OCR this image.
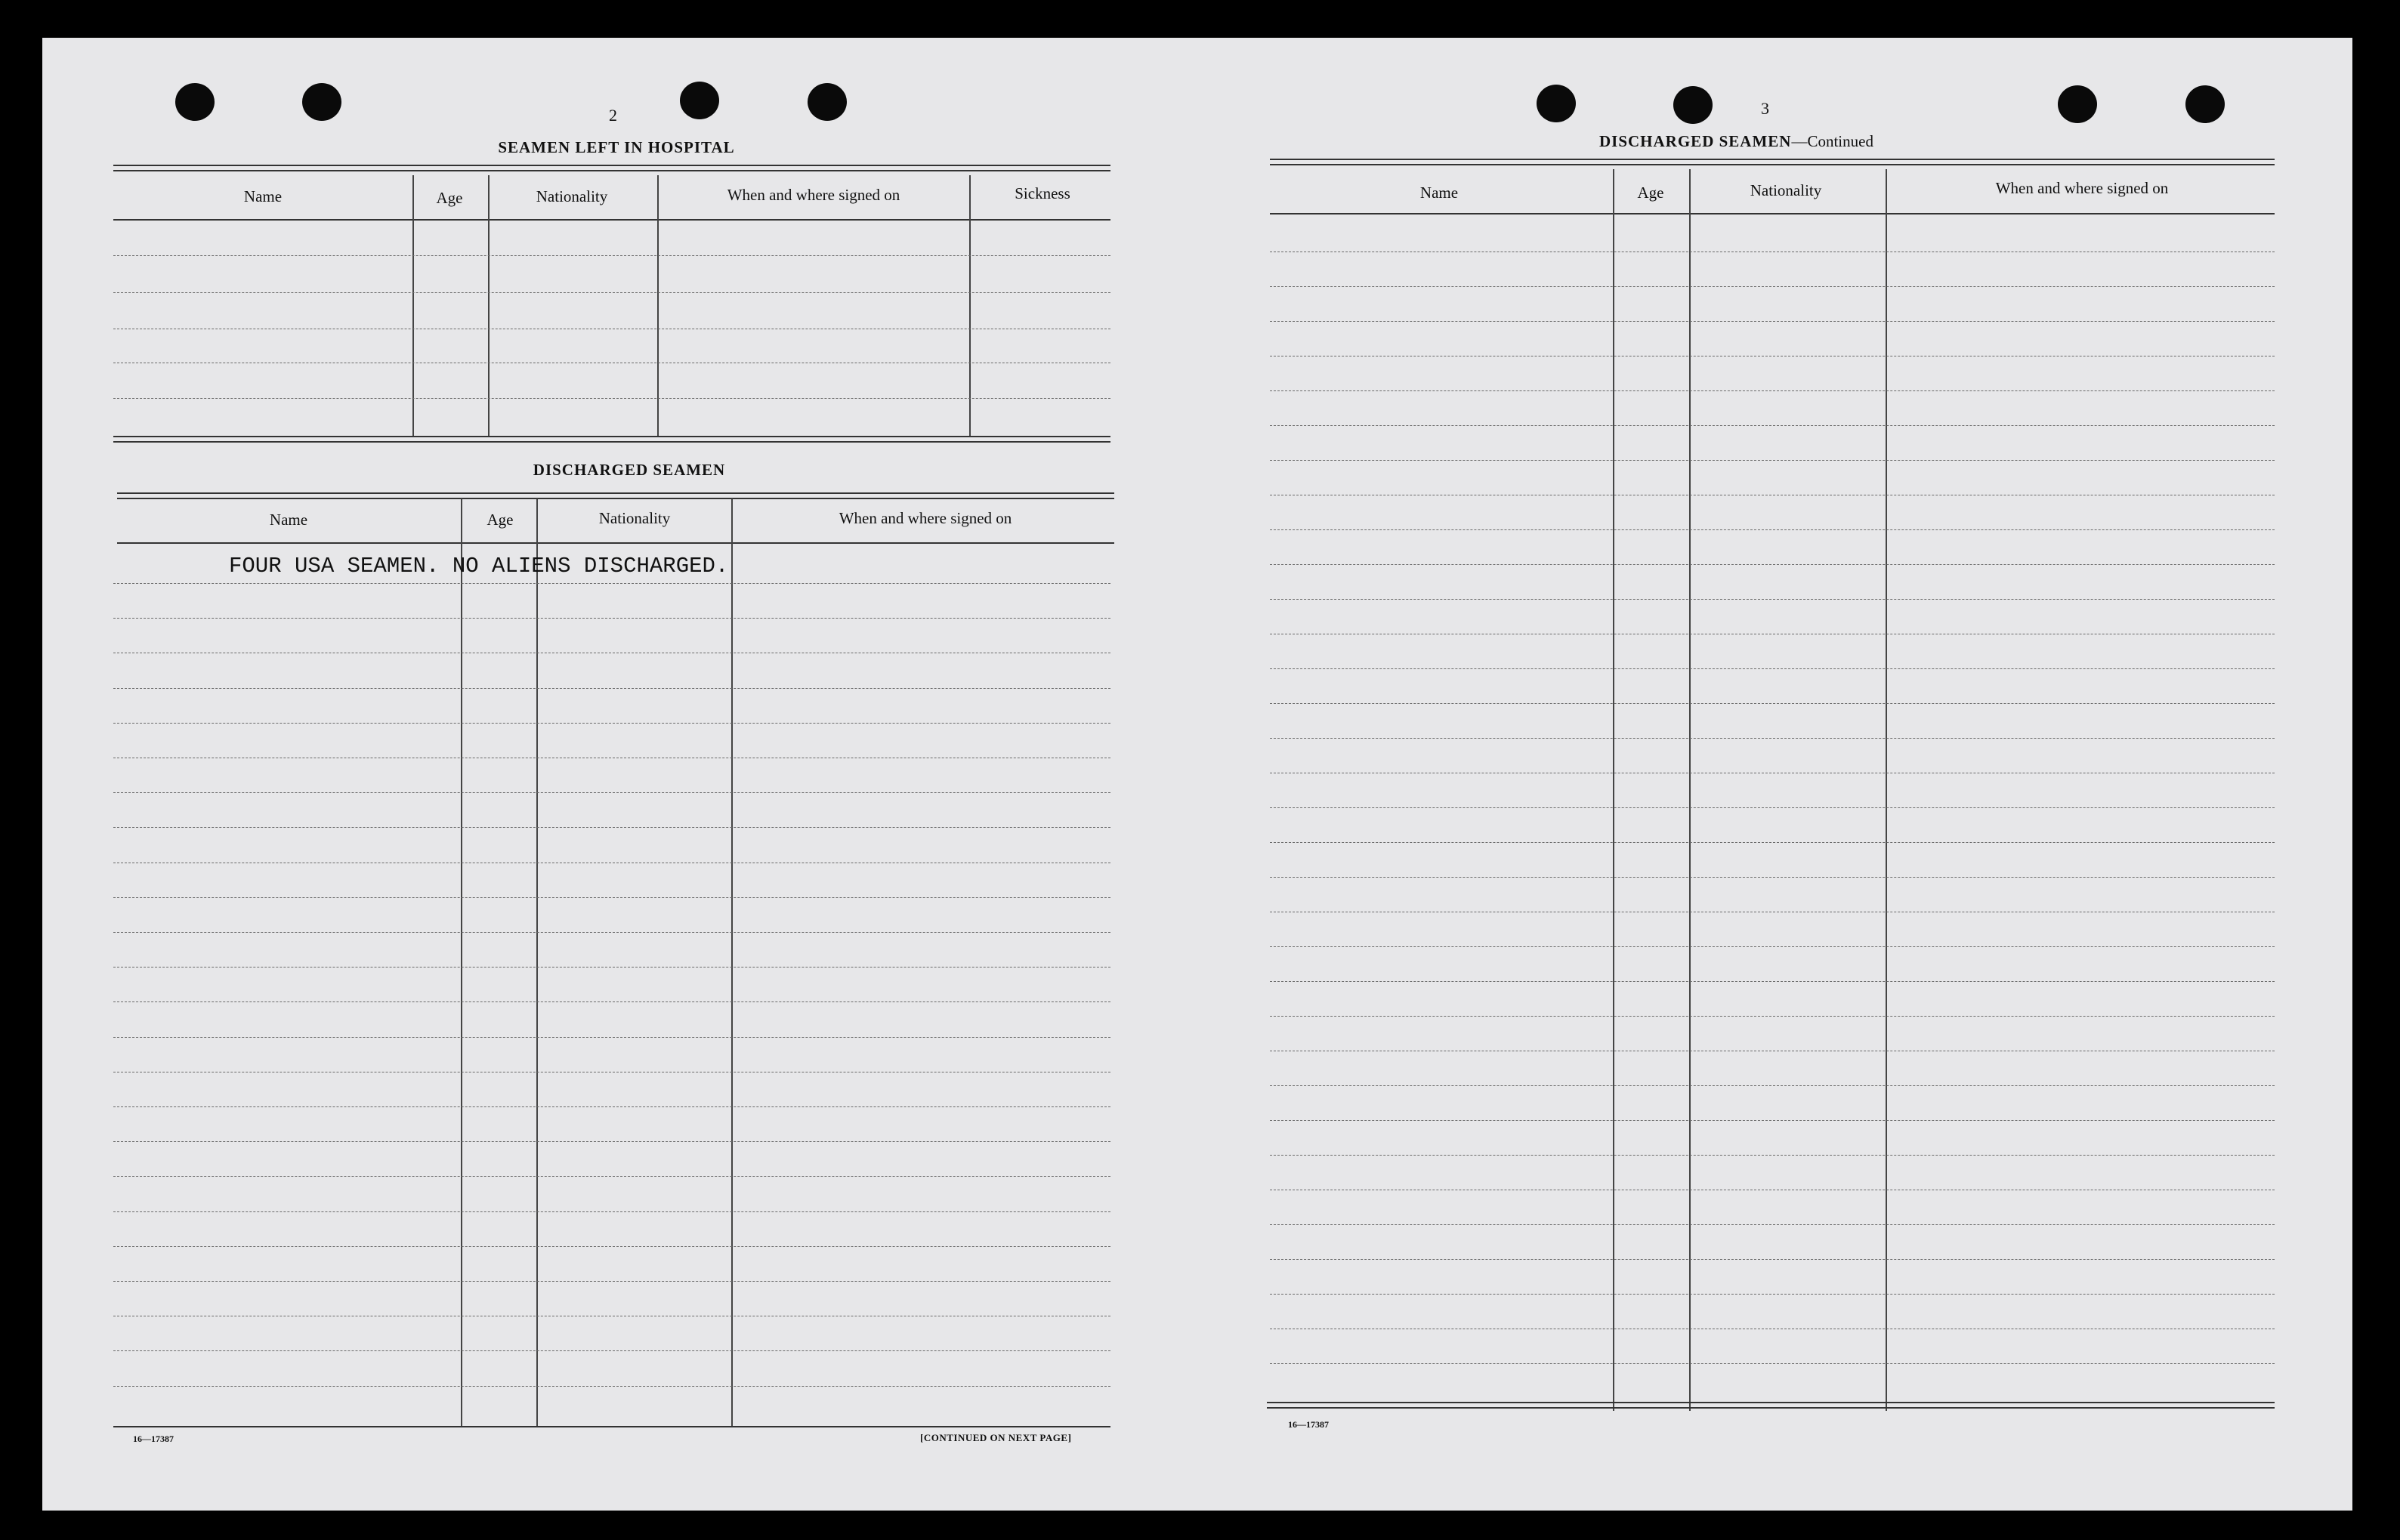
2
SEAMEN LEFT IN HOSPITAL
Name	Age	Nationality	When and where signed on	Sickness
DISCHARGED SEAMEN
Name	Age	Nationality	When and where signed on
FOUR USA SEAMEN. NO ALIENS DISCHARGED.
16—17387	[CONTINUED ON NEXT PAGE]
3
DISCHARGED SEAMEN—Continued
Name	Age	Nationality	When and where signed on
16—17387
